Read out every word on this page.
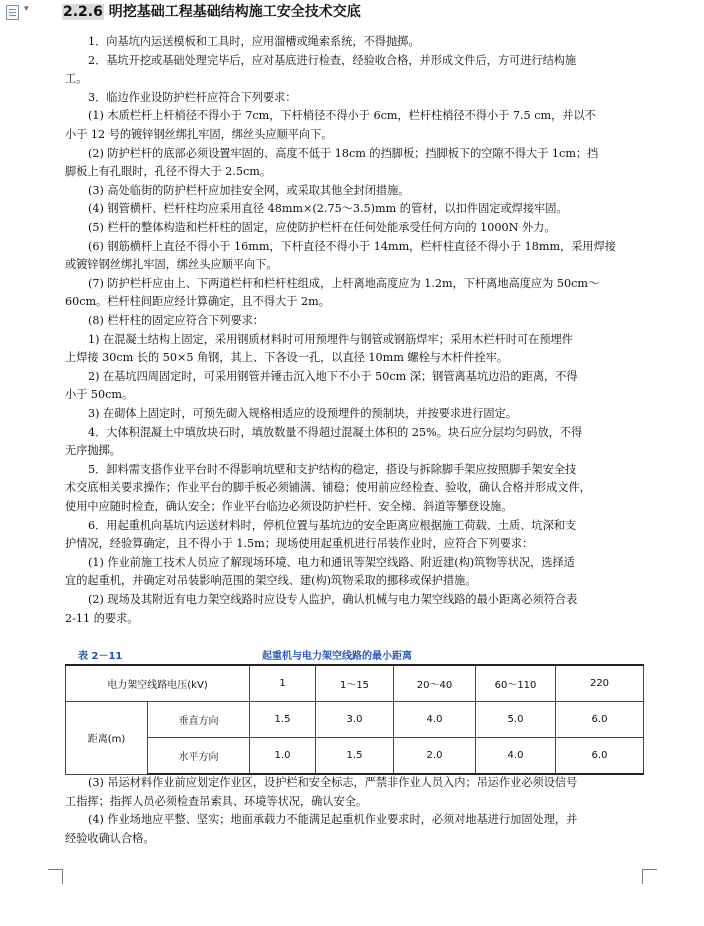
▾ 2.2.6 明挖基础工程基础结构施工安全技术交底
1．向基坑内运送模板和工具时，应用溜槽或绳索系统，不得抛掷。
2．基坑开挖或基础处理完毕后，应对基底进行检查，经验收合格，并形成文件后，方可进行结构施
工。
3．临边作业设防护栏杆应符合下列要求：
(1) 木质栏杆上杆梢径不得小于 7cm，下杆梢径不得小于 6cm，栏杆柱梢径不得小于 7.5 cm，并以不
小于 12 号的镀锌钢丝绑扎牢固，绑丝头应顺平向下。
(2) 防护栏杆的底部必须设置牢固的、高度不低于 18cm 的挡脚板；挡脚板下的空隙不得大于 1cm；挡
脚板上有孔眼时，孔径不得大于 2.5cm。
(3) 高处临街的防护栏杆应加挂安全网，或采取其他全封闭措施。
(4) 钢管横杆、栏杆柱均应采用直径 48mm×(2.75～3.5)mm 的管材，以扣件固定或焊接牢固。
(5) 栏杆的整体构造和栏杆柱的固定，应使防护栏杆在任何处能承受任何方向的 1000N 外力。
(6) 钢筋横杆上直径不得小于 16mm，下杆直径不得小于 14mm，栏杆柱直径不得小于 18mm，采用焊接
或镀锌钢丝绑扎牢固，绑丝头应顺平向下。
(7) 防护栏杆应由上、下两道栏杆和栏杆柱组成，上杆离地高度应为 1.2m，下杆离地高度应为 50cm～
60cm。栏杆柱间距应经计算确定，且不得大于 2m。
(8) 栏杆柱的固定应符合下列要求：
1) 在混凝土结构上固定，采用钢质材料时可用预埋件与钢管或钢筋焊牢；采用木栏杆时可在预埋件
上焊接 30cm 长的 50×5 角钢，其上、下各设一孔，以直径 10mm 螺栓与木杆件拴牢。
2) 在基坑四周固定时，可采用钢管并锤击沉入地下不小于 50cm 深；钢管离基坑边沿的距离，不得
小于 50cm。
3) 在砌体上固定时，可预先砌入规格相适应的设预埋件的预制块，并按要求进行固定。
4．大体积混凝土中填放块石时，填放数量不得超过混凝土体积的 25%。块石应分层均匀码放，不得
无序抛掷。
5．卸料需支搭作业平台时不得影响坑壁和支护结构的稳定，搭设与拆除脚手架应按照脚手架安全技
术交底相关要求操作；作业平台的脚手板必须铺满、铺稳；使用前应经检查、验收，确认合格并形成文件，
使用中应随时检查，确认安全；作业平台临边必须设防护栏杆、安全梯、斜道等攀登设施。
6．用起重机向基坑内运送材料时，停机位置与基坑边的安全距离应根据施工荷载、土质、坑深和支
护情况，经验算确定，且不得小于 1.5m；现场使用起重机进行吊装作业时，应符合下列要求：
(1) 作业前施工技术人员应了解现场环境、电力和通讯等架空线路、附近建(构)筑物等状况，选择适
宜的起重机，并确定对吊装影响范围的架空线、建(构)筑物采取的挪移或保护措施。
(2) 现场及其附近有电力架空线路时应设专人监护，确认机械与电力架空线路的最小距离必须符合表
2-11 的要求。
表 2－11	起重机与电力架空线路的最小距离
电力架空线路电压(kV)		1	1～15	20～40	60～110	220
距离(m)	垂直方向	1.5	3.0	4.0	5.0	6.0
	水平方向	1.0	1.5	2.0	4.0	6.0
(3) 吊运材料作业前应划定作业区，设护栏和安全标志，严禁非作业人员入内；吊运作业必须设信号
工指挥；指挥人员必须检查吊索具、环境等状况，确认安全。
(4) 作业场地应平整、坚实；地面承载力不能满足起重机作业要求时，必须对地基进行加固处理，并
经验收确认合格。
